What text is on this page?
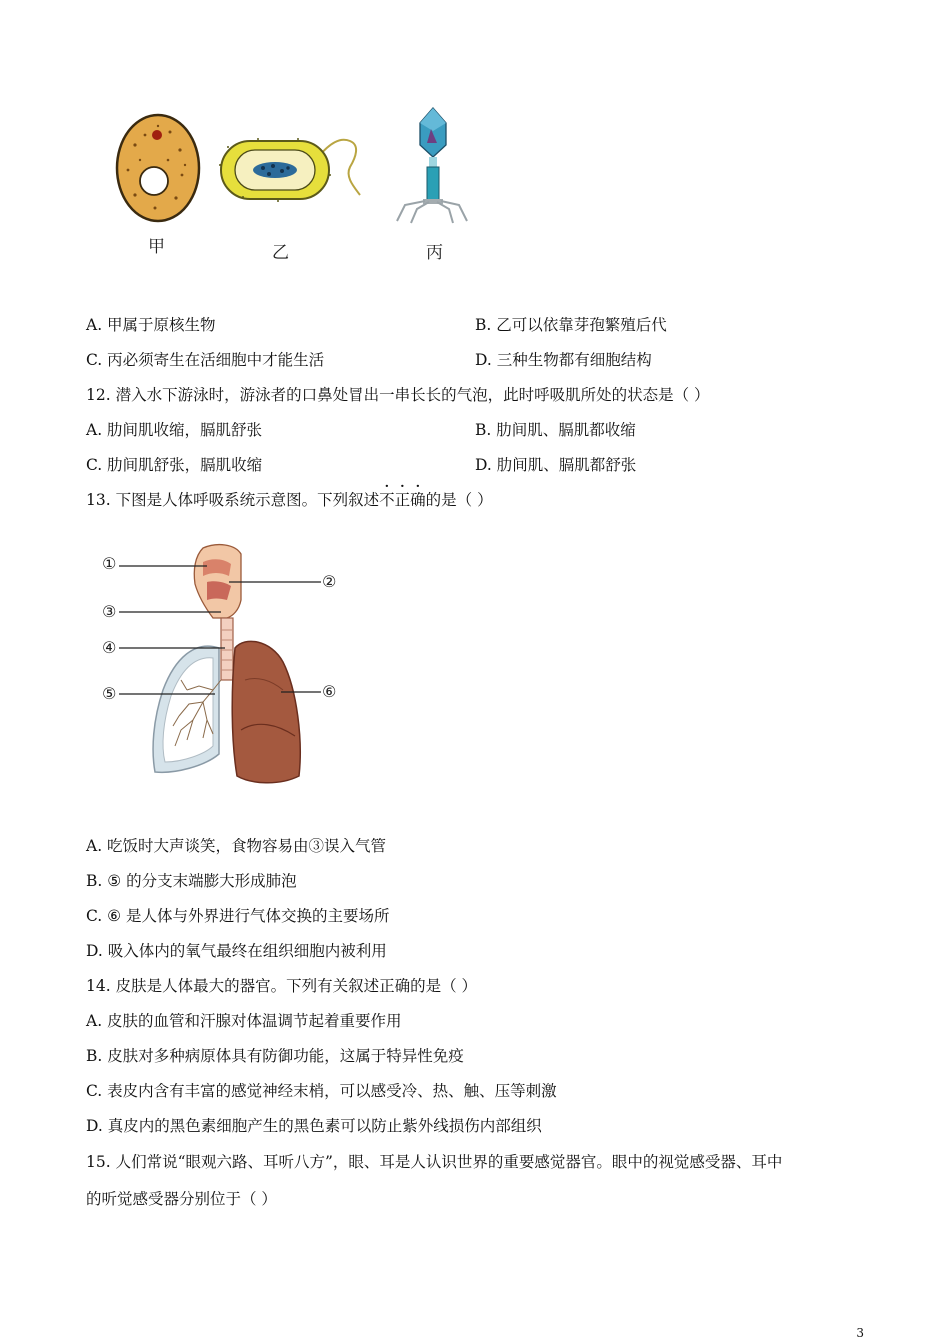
甲	乙	丙
A. 甲属于原核生物	B. 乙可以依靠芽孢繁殖后代
C. 丙必须寄生在活细胞中才能生活	D. 三种生物都有细胞结构
12. 潜入水下游泳时，游泳者的口鼻处冒出一串长长的气泡，此时呼吸肌所处的状态是（ ）
A. 肋间肌收缩，膈肌舒张	B. 肋间肌、膈肌都收缩
C. 肋间肌舒张，膈肌收缩	D. 肋间肌、膈肌都舒张
13. 下图是人体呼吸系统示意图。下列叙述不正确的是（ ）
①
②
③
④
⑤	⑥
A. 吃饭时大声谈笑，食物容易由③误入气管
B. ⑤ 的分支末端膨大形成肺泡
C. ⑥ 是人体与外界进行气体交换的主要场所
D. 吸入体内的氧气最终在组织细胞内被利用
14. 皮肤是人体最大的器官。下列有关叙述正确的是（ ）
A. 皮肤的血管和汗腺对体温调节起着重要作用
B. 皮肤对多种病原体具有防御功能，这属于特异性免疫
C. 表皮内含有丰富的感觉神经末梢，可以感受冷、热、触、压等刺激
D. 真皮内的黑色素细胞产生的黑色素可以防止紫外线损伤内部组织
15. 人们常说“眼观六路、耳听八方”，眼、耳是人认识世界的重要感觉器官。眼中的视觉感受器、耳中
的听觉感受器分别位于（ ）
3
